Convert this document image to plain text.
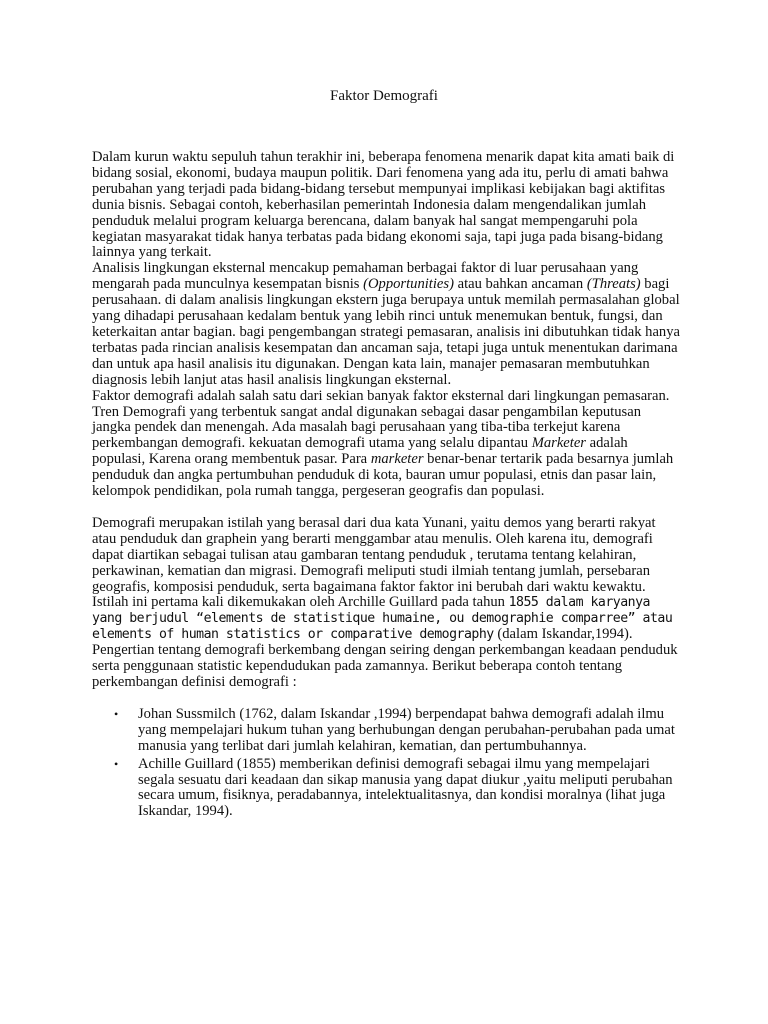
Faktor Demografi

Dalam kurun waktu sepuluh tahun terakhir ini, beberapa fenomena menarik dapat kita amati baik di bidang sosial, ekonomi, budaya maupun politik. Dari fenomena yang ada itu, perlu di amati bahwa perubahan yang terjadi pada bidang-bidang tersebut mempunyai implikasi kebijakan bagi aktifitas dunia bisnis. Sebagai contoh, keberhasilan pemerintah Indonesia dalam mengendalikan jumlah penduduk melalui program keluarga berencana, dalam banyak hal sangat mempengaruhi pola kegiatan masyarakat tidak hanya terbatas pada bidang ekonomi saja, tapi juga pada bisang-bidang lainnya yang terkait.

Analisis lingkungan eksternal mencakup pemahaman berbagai faktor di luar perusahaan yang mengarah pada munculnya kesempatan bisnis (Opportunities) atau bahkan ancaman (Threats) bagi perusahaan. di dalam analisis lingkungan ekstern juga berupaya untuk memilah permasalahan global yang dihadapi perusahaan kedalam bentuk yang lebih rinci untuk menemukan bentuk, fungsi, dan keterkaitan antar bagian. bagi pengembangan strategi pemasaran, analisis ini dibutuhkan tidak hanya terbatas pada rincian analisis kesempatan dan ancaman saja, tetapi juga untuk menentukan darimana dan untuk apa hasil analisis itu digunakan. Dengan kata lain, manajer pemasaran membutuhkan diagnosis lebih lanjut atas hasil analisis lingkungan eksternal.

Faktor demografi adalah salah satu dari sekian banyak faktor eksternal dari lingkungan pemasaran. Tren Demografi yang terbentuk sangat andal digunakan sebagai dasar pengambilan keputusan jangka pendek dan menengah. Ada masalah bagi perusahaan yang tiba-tiba terkejut karena perkembangan demografi. kekuatan demografi utama yang selalu dipantau Marketer adalah populasi, Karena orang membentuk pasar. Para marketer benar-benar tertarik pada besarnya jumlah penduduk dan angka pertumbuhan penduduk di kota, bauran umur populasi, etnis dan pasar lain, kelompok pendidikan, pola rumah tangga, pergeseran geografis dan populasi.

Demografi merupakan istilah yang berasal dari dua kata Yunani, yaitu demos yang berarti rakyat atau penduduk dan graphein yang berarti menggambar atau menulis. Oleh karena itu, demografi dapat diartikan sebagai tulisan atau gambaran tentang penduduk , terutama tentang kelahiran, perkawinan, kematian dan migrasi. Demografi meliputi studi ilmiah tentang jumlah, persebaran geografis, komposisi penduduk, serta bagaimana faktor faktor ini berubah dari waktu kewaktu. Istilah ini pertama kali dikemukakan oleh Archille Guillard pada tahun 1855 dalam karyanya yang berjudul “elements de statistique humaine, ou demographie comparree” atau elements of human statistics or comparative demography (dalam Iskandar,1994).

Pengertian tentang demografi berkembang dengan seiring dengan perkembangan keadaan penduduk serta penggunaan statistic kependudukan pada zamannya. Berikut beberapa contoh tentang perkembangan definisi demografi :

• Johan Sussmilch (1762, dalam Iskandar ,1994) berpendapat bahwa demografi adalah ilmu yang mempelajari hukum tuhan yang berhubungan dengan perubahan-perubahan pada umat manusia yang terlibat dari jumlah kelahiran, kematian, dan pertumbuhannya.
• Achille Guillard (1855) memberikan definisi demografi sebagai ilmu yang mempelajari segala sesuatu dari keadaan dan sikap manusia yang dapat diukur ,yaitu meliputi perubahan secara umum, fisiknya, peradabannya, intelektualitasnya, dan kondisi moralnya (lihat juga Iskandar, 1994).
